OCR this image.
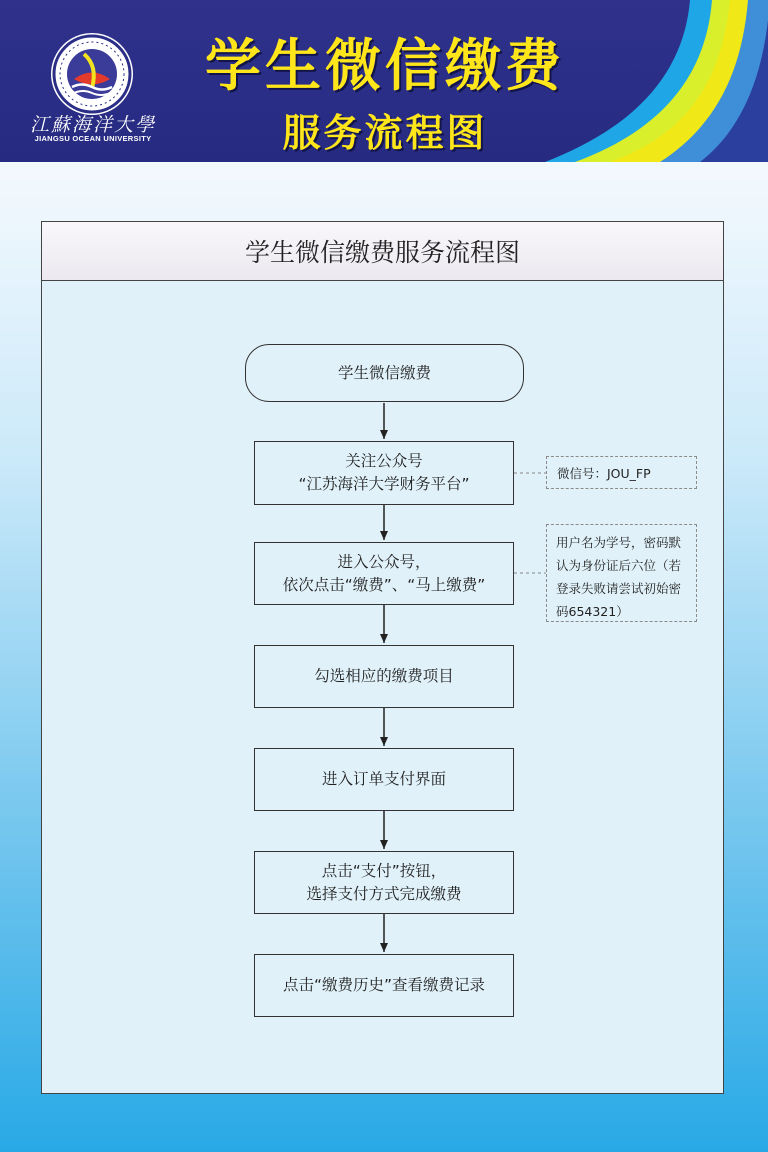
江蘇海洋大學
JIANGSU OCEAN UNIVERSITY
学生微信缴费
服务流程图
学生微信缴费服务流程图
学生微信缴费
关注公众号
“江苏海洋大学财务平台”
进入公众号，
依次点击“缴费”、“马上缴费”
勾选相应的缴费项目
进入订单支付界面
点击“支付”按钮，
选择支付方式完成缴费
点击“缴费历史”查看缴费记录
微信号：JOU_FP
用户名为学号，密码默
认为身份证后六位（若
登录失败请尝试初始密
码654321）
